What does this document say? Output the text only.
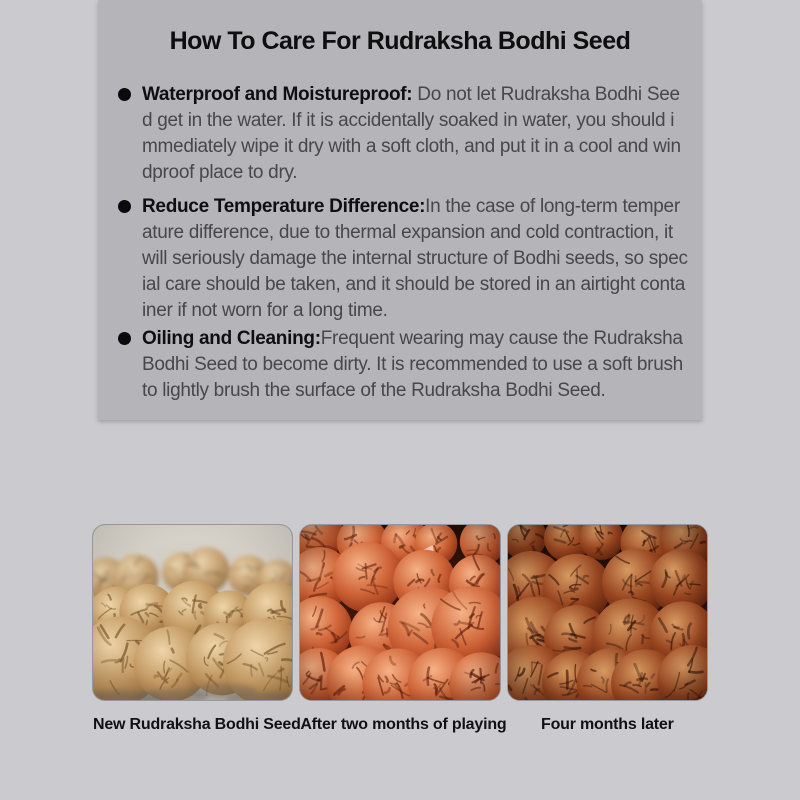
How To Care For Rudraksha Bodhi Seed
Waterproof and Moistureproof: Do not let Rudraksha Bodhi Seed get in the water. If it is accidentally soaked in water, you should immediately wipe it dry with a soft cloth, and put it in a cool and windproof place to dry.
Reduce Temperature Difference:In the case of long-term temperature difference, due to thermal expansion and cold contraction, it will seriously damage the internal structure of Bodhi seeds, so special care should be taken, and it should be stored in an airtight container if not worn for a long time.
Oiling and Cleaning:Frequent wearing may cause the Rudraksha Bodhi Seed to become dirty. It is recommended to use a soft brush to lightly brush the surface of the Rudraksha Bodhi Seed.
New Rudraksha Bodhi Seed After two months of playing	Four months later
